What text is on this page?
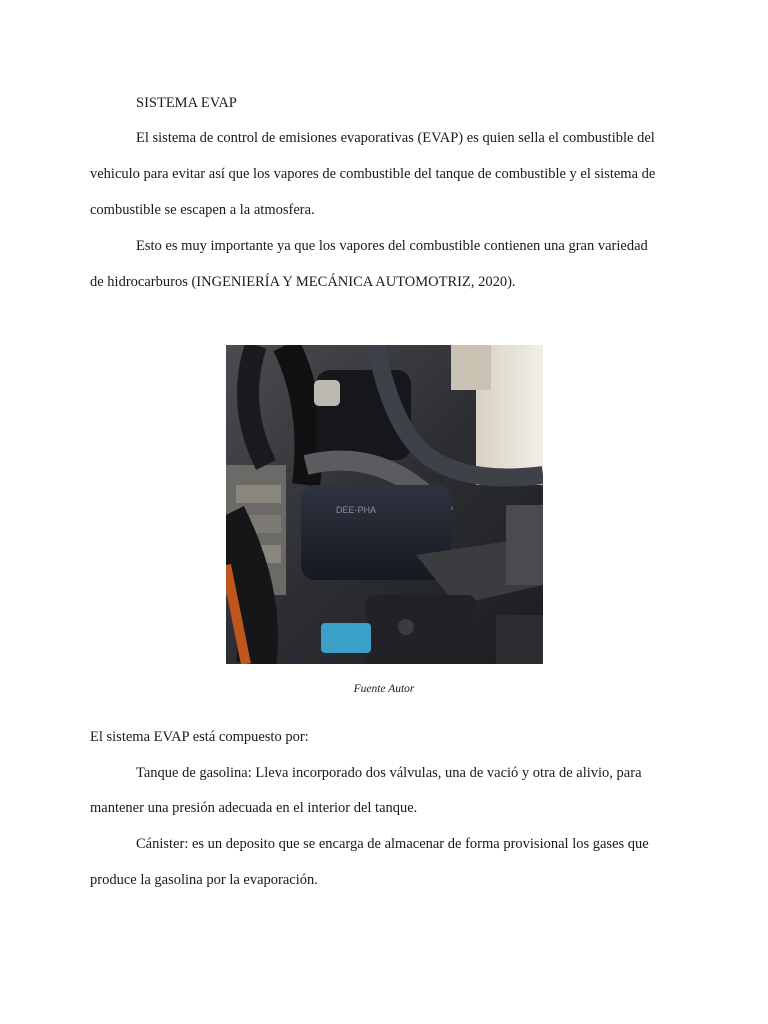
SISTEMA EVAP
El sistema de control de emisiones evaporativas (EVAP) es quien sella el combustible del
vehiculo para evitar así que los vapores de combustible del tanque de combustible y el sistema de
combustible se escapen a la atmosfera.
Esto es muy importante ya que los vapores del combustible contienen una gran variedad
de hidrocarburos (INGENIERÍA Y MECÁNICA AUTOMOTRIZ, 2020).
DEE-PHA
Fuente Autor
El sistema EVAP está compuesto por:
Tanque de gasolina: Lleva incorporado dos válvulas, una de vació y otra de alivio, para
mantener una presión adecuada en el interior del tanque.
Cánister: es un deposito que se encarga de almacenar de forma provisional los gases que
produce la gasolina por la evaporación.
